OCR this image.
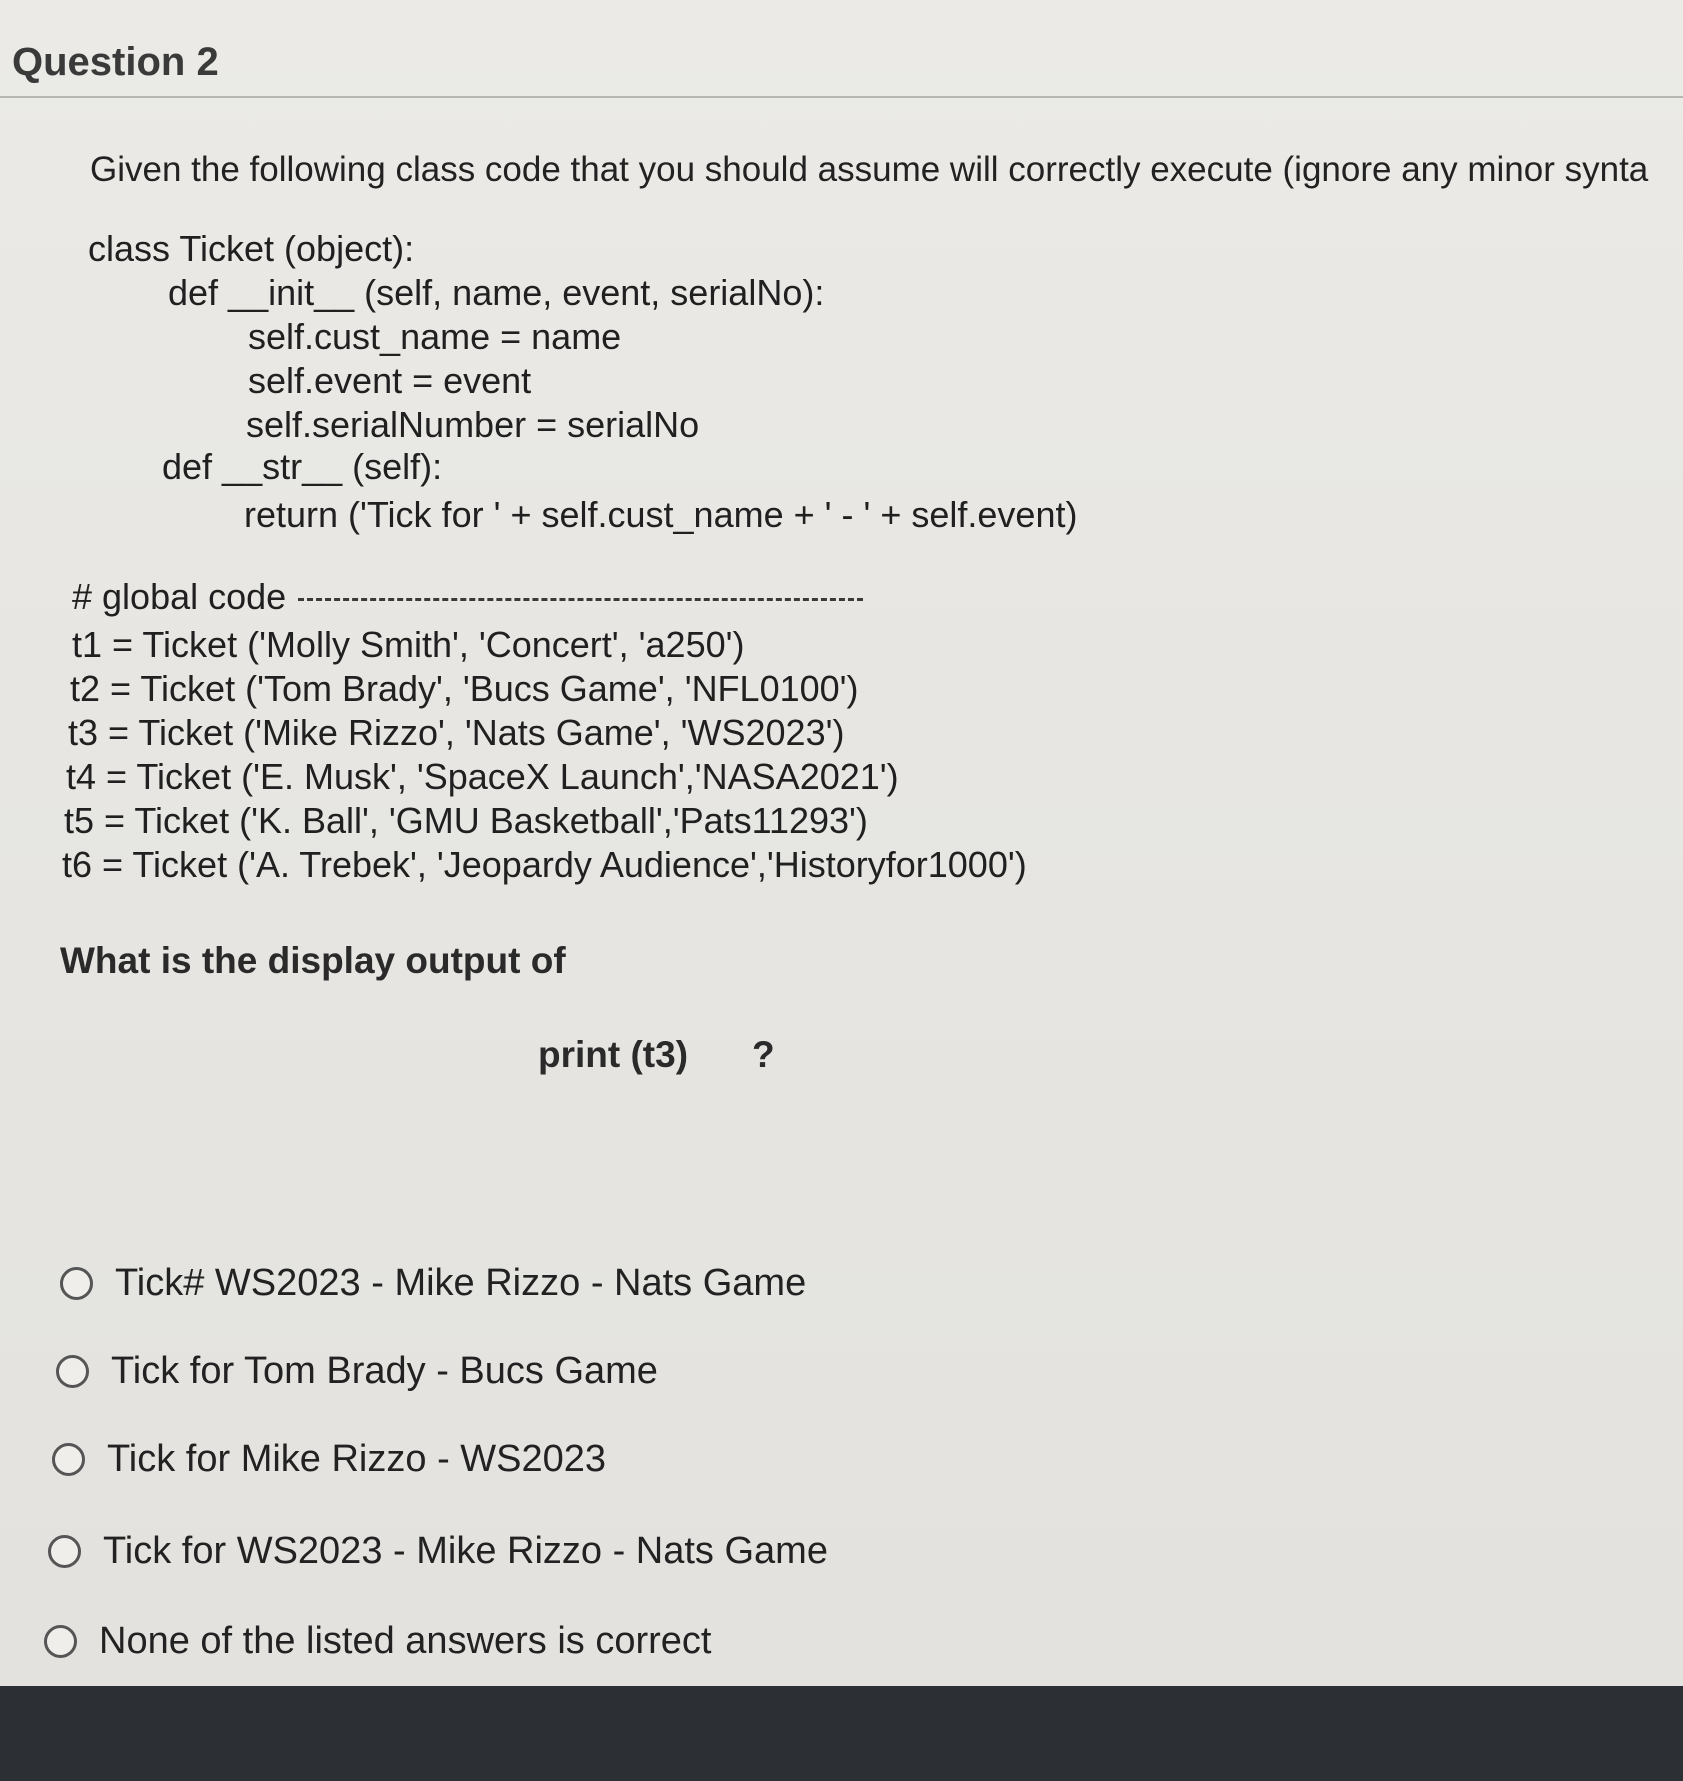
Question 2
Given the following class code that you should assume will correctly execute (ignore any minor synta
class Ticket (object):
def __init__ (self, name, event, serialNo):
self.cust_name = name
self.event = event
self.serialNumber = serialNo
def __str__ (self):
return ('Tick for ' + self.cust_name + ' - ' + self.event)
# global code
t1 = Ticket ('Molly Smith', 'Concert', 'a250')
t2 = Ticket ('Tom Brady', 'Bucs Game', 'NFL0100')
t3 = Ticket ('Mike Rizzo', 'Nats Game', 'WS2023')
t4 = Ticket ('E. Musk', 'SpaceX Launch','NASA2021')
t5 = Ticket ('K. Ball', 'GMU Basketball','Pats11293')
t6 = Ticket ('A. Trebek', 'Jeopardy Audience','Historyfor1000')
What is the display output of
print (t3) ?
Tick# WS2023 - Mike Rizzo - Nats Game
Tick for Tom Brady - Bucs Game
Tick for Mike Rizzo - WS2023
Tick for WS2023 - Mike Rizzo - Nats Game
None of the listed answers is correct
